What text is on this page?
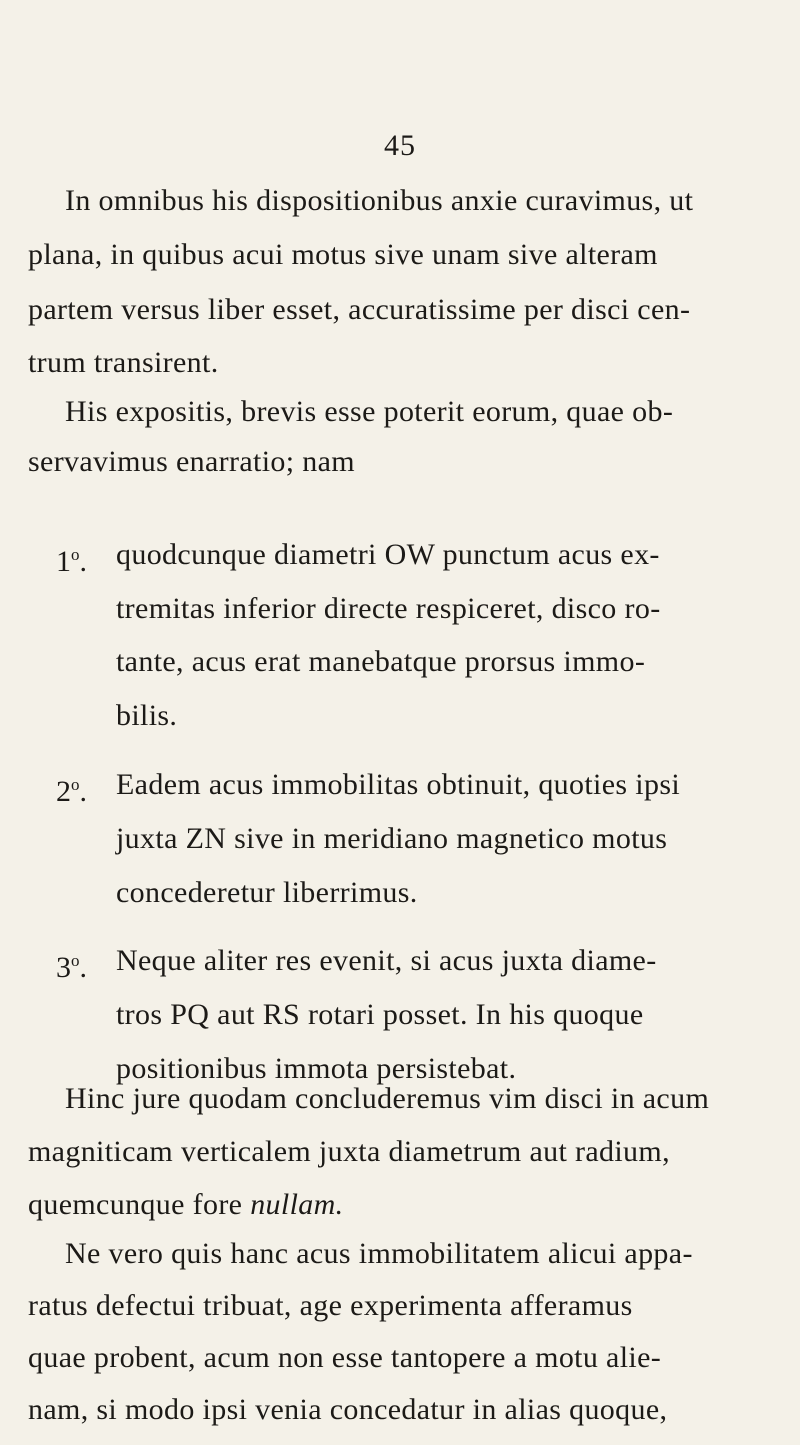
45
In omnibus his dispositionibus anxie curavimus, ut
plana, in quibus acui motus sive unam sive alteram
partem versus liber esset, accuratissime per disci cen-
trum transirent.
His expositis, brevis esse poterit eorum, quae ob-
servavimus enarratio; nam
1$^o$. quodcunque diametri OW punctum acus ex-
tremitas inferior directe respiceret, disco ro-
tante, acus erat manebatque prorsus immo-
bilis.
2$^o$. Eadem acus immobilitas obtinuit, quoties ipsi
juxta ZN sive in meridiano magnetico motus
concederetur liberrimus.
3$^o$. Neque aliter res evenit, si acus juxta diame-
tros PQ aut RS rotari posset. In his quoque
positionibus immota persistebat.
Hinc jure quodam concluderemus vim disci in acum
magniticam verticalem juxta diametrum aut radium,
quemcunque fore nullam.
Ne vero quis hanc acus immobilitatem alicui appa-
ratus defectui tribuat, age experimenta afferamus
quae probent, acum non esse tantopere a motu alie-
nam, si modo ipsi venia concedatur in alias quoque,
